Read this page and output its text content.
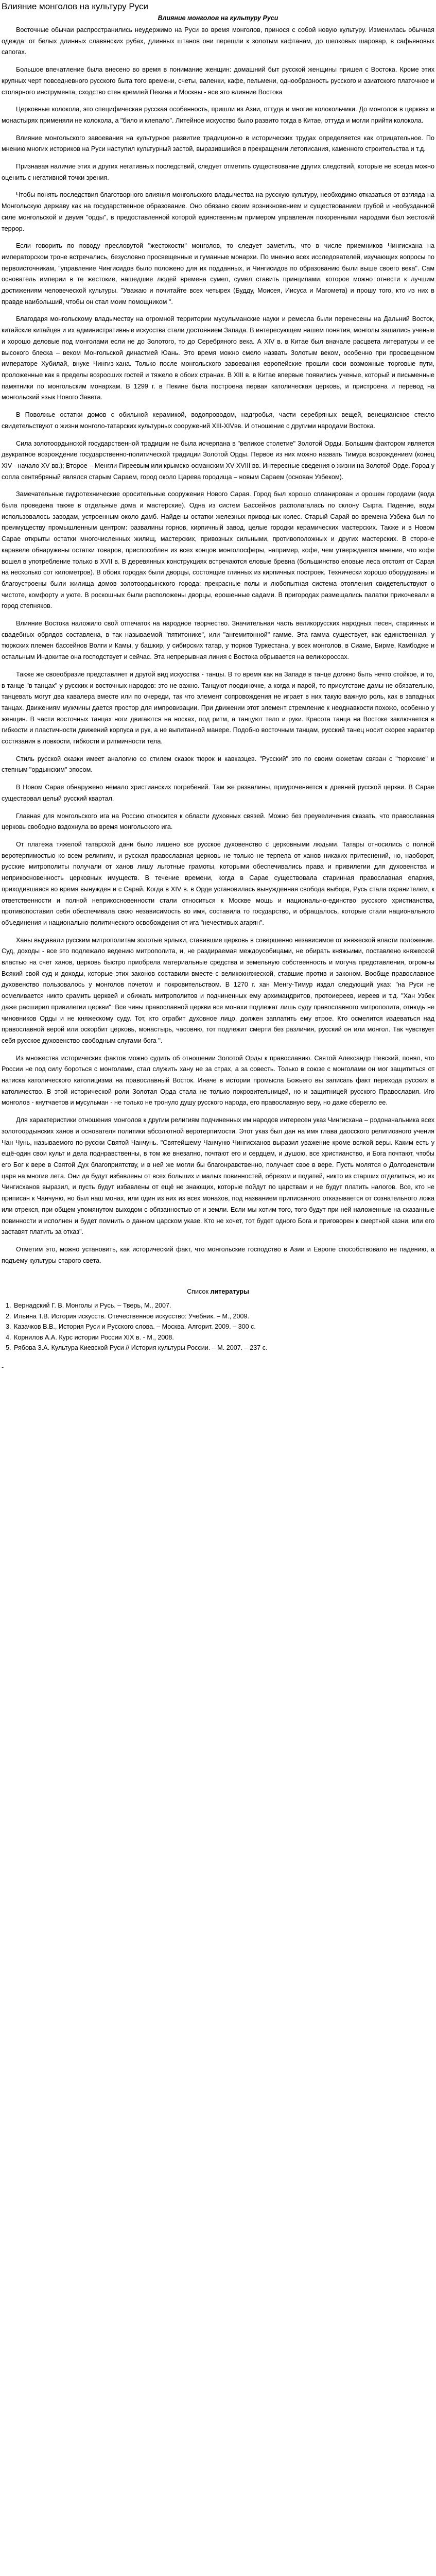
Влияние монголов на культуру Руси
Влияние монголов на культуру Руси

Восточные обычаи распространились неудержимо на Руси во время монголов, принося с собой новую культуру. Изменилась обычная одежда: от белых длинных славянских рубах, длинных штанов они перешли к золотым кафтанам, до шелковых шаровар, в сафьяновых сапогах.

Большое впечатление была внесено во время в понимание женщин: домашний быт русской женщины пришел с Востока. Кроме этих крупных черт повседневного русского быта того времени, счеты, валенки, кафе, пельмени, однообразность русского и азиатского платочное и столярного инструмента, сходство стен кремлей Пекина и Москвы - все это влияние Востока

Церковные колокола, это специфическая русская особенность, пришли из Азии, оттуда и многие колокольчики. До монголов в церквях и монастырях применяли не колокола, а "било и клепало". Литейное искусство было развито тогда в Китае, оттуда и могли прийти колокола.

Влияние монгольского завоевания на культурное развитие традиционно в исторических трудах определяется как отрицательное. По мнению многих историков на Руси наступил культурный застой, выразившийся в прекращении летописания, каменного строительства и т.д.

Признавая наличие этих и других негативных последствий, следует отметить существование других следствий, которые не всегда можно оценить с негативной точки зрения.

Чтобы понять последствия благотворного влияния монгольского владычества на русскую культуру, необходимо отказаться от взгляда на Монгольскую державу как на государственное образование. Оно обязано своим возникновением и существованием грубой и необузданной силе монгольской и двумя "орды", в предоставленной которой единственным примером управления покоренными народами был жестокий террор.

Если говорить по поводу пресловутой "жестокости" монголов, то следует заметить, что в числе приемников Чингисхана на императорском троне встречались, безусловно просвещенные и гуманные монархи. По мнению всех исследователей, изучающих вопросы по первоисточникам, "управление Чингисидов было положено для их подданных, и Чингисидов по образованию были выше своего века". Сам основатель империи в те жестокие, нашедшие людей времена сумел, сумел ставить принципами, которое можно отнести к лучшим достижениям человеческой культуры. "Уважаю и почитайте всех четырех (Будду, Моисея, Иисуса и Магомета) и прошу того, кто из них в правде наибольший, чтобы он стал моим помощником ".

Благодаря монгольскому владычеству на огромной территории мусульманские науки и ремесла были перенесены на Дальний Восток, китайские китайцев и их административные искусства стали достоянием Запада. В интересующем нашем понятия, монголы зашались ученые и хорошо деловые под монголами если не до Золотого, то до Серебряного века. А XIV в. в Китае был вначале расцвета литературы и ее высокого блеска – веком Монгольской династией Юань. Это время можно смело назвать Золотым веком, особенно при просвещенном императоре Хубилай, внуке Чингиз-хана. Только после монгольского завоевания европейские прошли свои возможные торговые пути, проложенные как в пределы возросших гостей и тяжело в обоих странах. В XIII в. в Китае впервые появились ученые, который и письменные памятники по монгольским монархам. В 1299 г. в Пекине была построена первая католическая церковь, и пристроена и перевод на монгольский язык Нового Завета.

В Поволжье остатки домов с обильной керамикой, водопроводом, надгробья, части серебряных вещей, венецианское стекло свидетельствуют о жизни монголо-татарских культурных сооружений XIII-XIVвв. И отношение с другими народами Востока.

Сила золотоордынской государственной традиции не была исчерпана в "великое столетие" Золотой Орды. Большим фактором является двукратное возрождение государственно-политической традиции Золотой Орды. Первое из них можно назвать Тимура возрождением (конец XIV - начало XV вв.); Второе – Менгли-Гиреевым или крымско-османским XV-XVIII вв. Интересные сведения о жизни на Золотой Орде. Город у сопла сентябряный являлся старым Сараем, город около Царева городища – новым Сараем (основан Узбеком).

Замечательные гидротехнические оросительные сооружения Нового Сарая. Город был хорошо спланирован и орошен городами (вода была проведена также в отдельные дома и мастерские). Одна из систем Бассейнов располагалась по склону Сырта. Падение, воды использовалось заводам, устроенным около дамб. Найдены остатки железных приводных колес. Старый Сарай во времена Узбека был по преимуществу промышленным центром: развалины горнов, кирпичный завод, целые городки керамических мастерских. Также и в Новом Сарае открыты остатки многочисленных жилищ, мастерских, привозных сильными, противоположных и других мастерских. В стороне каравеле обнаружены остатки товаров, приспособлен из всех концов монголосферы, например, кофе, чем утверждается мнение, что кофе вошел в употребление только в XVII в. В деревянных конструкциях встречаются еловые бревна (большинство еловые леса отстоят от Сарая на несколько сот километров). В обоих городах были дворцы, состоящие глинных из кирпичных построек. Технически хорошо оборудованы и благоустроены были жилища домов золотоордынского города: прекрасные полы и любопытная система отопления свидетельствуют о чистоте, комфорту и уюте. В роскошных были расположены дворцы, ерошенные садами. В пригородах размещались палатки прикочевали в город степняков.

Влияние Востока наложило свой отпечаток на народное творчество. Значительная часть великорусских народных песен, старинных и свадебных обрядов составлена, в так называемой "пятитонике", или "ангемитонной" гамме. Эта гамма существует, как единственная, у тюркских племен бассейнов Волги и Камы, у башкир, у сибирских татар, у тюрков Туркестана, у всех монголов, в Сиаме, Бирме, Камбодже и остальным Индокитае она господствует и сейчас. Эта непрерывная линия с Востока обрывается на великороссах.

Также же своеобразие представляет и другой вид искусства - танцы. В то время как на Западе в танце должно быть нечто стойкое, и то, в танце "в танцах" у русских и восточных народов: это не важно. Танцуют поодиночке, а когда и парой, то присутствие дамы не обязательно, танцевать могут два кавалера вместе или по очереди, так что элемент сопровождения не играет в них такую важную роль, как в западных танцах. Движениям мужчины дается простор для импровизации. При движении этот элемент стремление к неоднавкости похожо, особенно у женщин. В части восточных танцах ноги двигаются на носках, под ритм, а танцуют тело и руки. Красота танца на Востоке заключается в гибкости и пластичности движений корпуса и рук, а не выпитанной манере. Подобно восточным танцам, русский танец носит скорее характер состязания в ловкости, гибкости и ритмичности тела.

Стиль русской сказки имеет аналогию со стилем сказок тюрок и кавказцев. "Русский" это по своим сюжетам связан с "тюркские" и степным "ордынским" эпосом.

В Новом Сарае обнаружено немало христианских погребений. Там же развалины, приуроченяется к древней русской церкви. В Сарае существовал целый русский квартал.

Главная для монгольского ига на Россию относится к области духовных связей. Можно без преувеличения сказать, что православная церковь свободно вздохнула во время монгольского ига.

От платежа тяжелой татарской дани было лишено все русское духовенство с церковными людьми. Татары относились с полной веротерпимостью ко всем религиям, и русская православная церковь не только не терпела от ханов никаких притеснений, но, наоборот, русские митрополиты получали от ханов лишу льготные грамоты, которыми обеспечивались права и привилегии для духовенства и неприкосновенность церковных имуществ. В течение времени, когда в Сарае существовала старинная православная епархия, приходившаяся во время вынужден и с Сарай. Когда в XIV в. в Орде установилась вынужденная свобода выбора, Русь стала охранителем, к ответственности и полной неприкосновенности стали относиться к Москве мощь и национально-единство русского христианства, противопоставил себя обеспечивала свою независимость во имя, составила то государство, и обращалось, которые стали национального объединения и национально-политического освобождения от ига "нечестивых агарян".

Ханы выдавали русским митрополитам золотые ярлыки, ставившие церковь в совершенно независимое от княжеской власти положение. Суд, доходы - все это подлежало ведению митрополита, и, не раздираемая междоусобицами, не обирать княжьими, поставлено княжеской властью на счет ханов, церковь быстро приобрела материальные средства и земельную собственность и могуча представления, огромны Всякий свой суд и доходы, которые этих законов составили вместе с великокняжеской, ставшие против и законом. Вообще православное духовенство пользовалось у монголов почетом и покровительством. В 1270 г. хан Менгу-Тимур издал следующий указ: "на Руси не осмеливается никто срамить церквей и обижать митрополитов и подчиненных ему архимандритов, протоиереев, иереев и т.д. "Хан Узбек даже расширил привилегии церкви": Все чины православной церкви все монахи подлежат лишь суду православного митрополита, отнюдь не чиновников Орды и не княжескому суду. Тот, кто ограбит духовное лицо, должен заплатить ему втрое. Кто осмелится издеваться над православной верой или оскорбит церковь, монастырь, часовню, тот подлежит смерти без различия, русский он или монгол. Так чувствует себя русское духовенство свободным слугами бога ".

Из множества исторических фактов можно судить об отношении Золотой Орды к православию. Святой Александр Невский, понял, что России не под силу бороться с монголами, стал служить хану не за страх, а за совесть. Только в союзе с монголами он мог защититься от натиска католического католицизма на православный Восток. Иначе в истории промысла Божьего вы записать факт перехода русских в католичество. В этой исторической роли Золотая Орда стала не только покровительницей, но и защитницей русского Православия. Иго монголов - кнутчаетов и мусульман - не только не тронуло душу русского народа, его православную веру, но даже сберегло ее.

Для характеристики отношения монголов к другим религиям подчиненных им народов интересен указ Чингисхана – родоначальника всех золотоордынских ханов и основателя политики абсолютной веротерпимости. Этот указ был дан на имя глава даосского религиозного учения Чан Чунь, называемого по-русски Святой Чанчунь. "Святейшему Чанчуню Чингисханов выразил уважение кроме всякой веры. Каким есть у ещё-один свои культ и дела поднравственны, в том же внезапно, почтают его и сердцем, и душою, все христианство, и Бога почтают, чтобы его Бог к вере в Святой Дух благоприятству, и в ней же могли бы благонравственно, получает свое в вере. Пусть молятся о Долгоденствии царя на многие лета. Они да будут избавлены от всех больших и малых повинностей, обрезом и податей, никто из старших отделиться, но их Чингисханов выразил, и пусть будут избавлены от ещё не знающих, которые пойдут по царствам и не будут платить налогов. Все, кто не приписан к Чанчуню, но был наш монах, или один из них из всех монахов, под названием приписанного отказывается от сознательного ложа или отрекся, при общем упомянутом выходом с обязанностью от и земли. Если мы хотим того, того будут при ней наложенные на сказанные повинности и исполнен и будет помнить о данном царском указе. Кто не хочет, тот будет одного Бога и приговорен к смертной казни, или его заставят платить за отказ".

Отметим это, можно установить, как исторический факт, что монгольские господство в Азии и Европе способствовало не падению, а подъему культуры старого света.

Список литературы
1. Вернадский Г. В. Монголы и Русь. – Тверь, М., 2007.
2. Ильина Т.В. История искусств. Отечественное искусство: Учебник. – М., 2009.
3. Казачков В.В., История Руси и Русского слова. – Москва, Алгорит. 2009. – 300 с.
4. Корнилов А.А. Курс истории России XIX в. - М., 2008.
5. Рябова З.А. Культура Киевской Руси // История культуры России. – М. 2007. – 237 с.
-
